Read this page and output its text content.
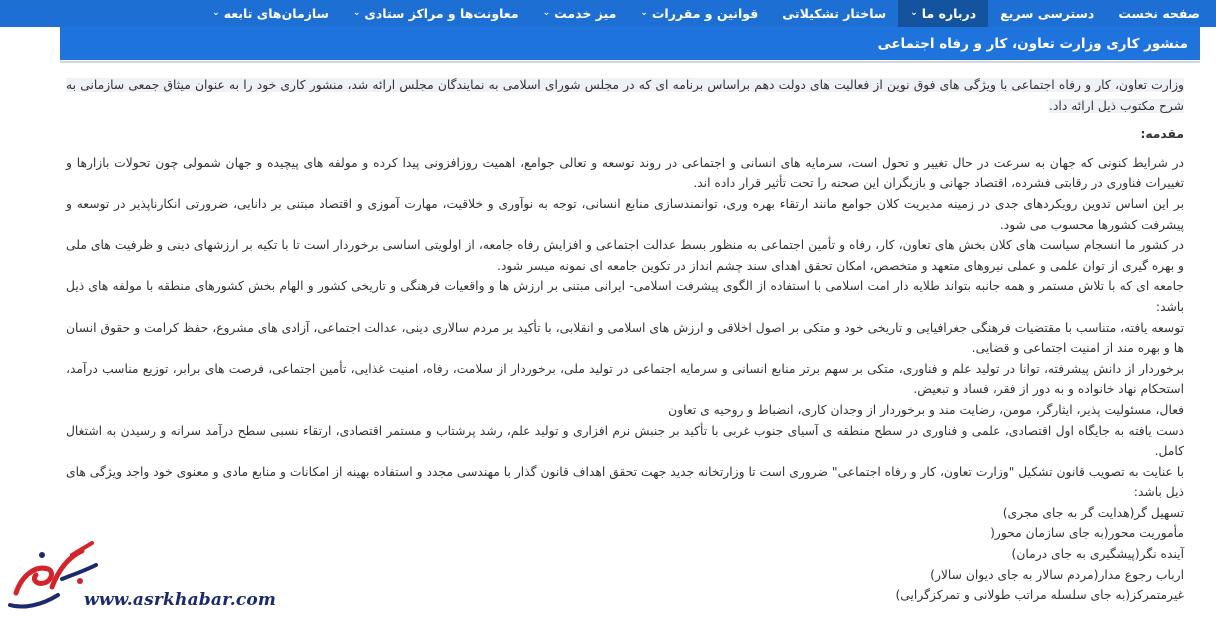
صفحه نخست
دسترسی سریع
درباره ما
⌄
ساختار تشکیلاتی
قوانین و مقررات
⌄
میز خدمت
⌄
معاونت‌ها و مراکز ستادی
⌄
سازمان‌های تابعه
⌄
منشور کاری وزارت تعاون، کار و رفاه اجتماعی
وزارت تعاون، کار و رفاه اجتماعی با ویژگی های فوق نوین از فعالیت های دولت دهم براساس برنامه ای که در مجلس شورای اسلامی به نمایندگان مجلس ارائه شد، منشور کاری خود را به عنوان میثاق جمعی سازمانی به شرح مکتوب ذیل ارائه داد.

مقدمه:

در شرایط کنونی که جهان به سرعت در حال تغییر و تحول است، سرمایه های انسانی و اجتماعی در روند توسعه و تعالی جوامع، اهمیت روزافزونی پیدا کرده و مولفه های پیچیده و جهان شمولی چون تحولات بازارها و تغییرات فناوری در رقابتی فشرده، اقتصاد جهانی و بازیگران این صحنه را تحت تأثیر قرار داده اند.

بر این اساس تدوین رویکردهای جدی در زمینه مدیریت کلان جوامع مانند ارتقاء بهره وری، توانمندسازی منابع انسانی، توجه به نوآوری و خلاقیت، مهارت آموزی و اقتصاد مبتنی بر دانایی، ضرورتی انکارناپذیر در توسعه و پیشرفت کشورها محسوب می شود.

در کشور ما انسجام سیاست های کلان بخش های تعاون، کار، رفاه و تأمین اجتماعی به منظور بسط عدالت اجتماعی و افزایش رفاه جامعه، از اولویتی اساسی برخوردار است تا با تکیه بر ارزشهای دینی و ظرفیت های ملی و بهره گیری از توان علمی و عملی نیروهای متعهد و متخصص، امکان تحقق اهدای سند چشم انداز در تکوین جامعه ای نمونه میسر شود.

جامعه ای که با تلاش مستمر و همه جانبه بتواند طلایه دار امت اسلامی با استفاده از الگوی پیشرفت اسلامی- ایرانی مبتنی بر ارزش ها و واقعیات فرهنگی و تاریخی کشور و الهام بخش کشورهای منطقه با مولفه های ذیل باشد:

توسعه یافته، متناسب با مقتضیات فرهنگی جغرافیایی و تاریخی خود و متکی بر اصول اخلاقی و ارزش های اسلامی و انقلابی، با تأکید بر مردم سالاری دینی، عدالت اجتماعی، آزادی های مشروع، حفظ کرامت و حقوق انسان ها و بهره مند از امنیت اجتماعی و قضایی.

برخوردار از دانش پیشرفته، توانا در تولید علم و فناوری، متکی بر سهم برتر منابع انسانی و سرمایه اجتماعی در تولید ملی، برخوردار از سلامت، رفاه، امنیت غذایی، تأمین اجتماعی، فرصت های برابر، توزیع مناسب درآمد، استحکام نهاد خانواده و به دور از فقر، فساد و تبعیض.

فعال، مسئولیت پذیر، ایثارگر، مومن، رضایت مند و برخوردار از وجدان کاری، انضباط و روحیه ی تعاون

دست یافته به جایگاه اول اقتصادی، علمی و فناوری در سطح منطقه ی آسیای جنوب غربی با تأکید بر جنبش نرم افزاری و تولید علم، رشد پرشتاب و مستمر اقتصادی، ارتقاء نسبی سطح درآمد سرانه و رسیدن به اشتغال کامل.

با عنایت به تصویب قانون تشکیل "وزارت تعاون، کار و رفاه اجتماعی" ضروری است تا وزارتخانه جدید جهت تحقق اهداف قانون گذار با مهندسی مجدد و استفاده بهینه از امکانات و منابع مادی و معنوی خود واجد ویژگی های ذیل باشد:

تسهیل گر(هدایت گر به جای مجری)

مأموریت محور(به جای سازمان محور(

آینده نگر(پیشگیری به جای درمان)

ارباب رجوع مدار(مردم سالار به جای دیوان سالار)

غیرمتمرکز(به جای سلسله مراتب طولانی و تمرکزگرایی)

www.asrkhabar.com
